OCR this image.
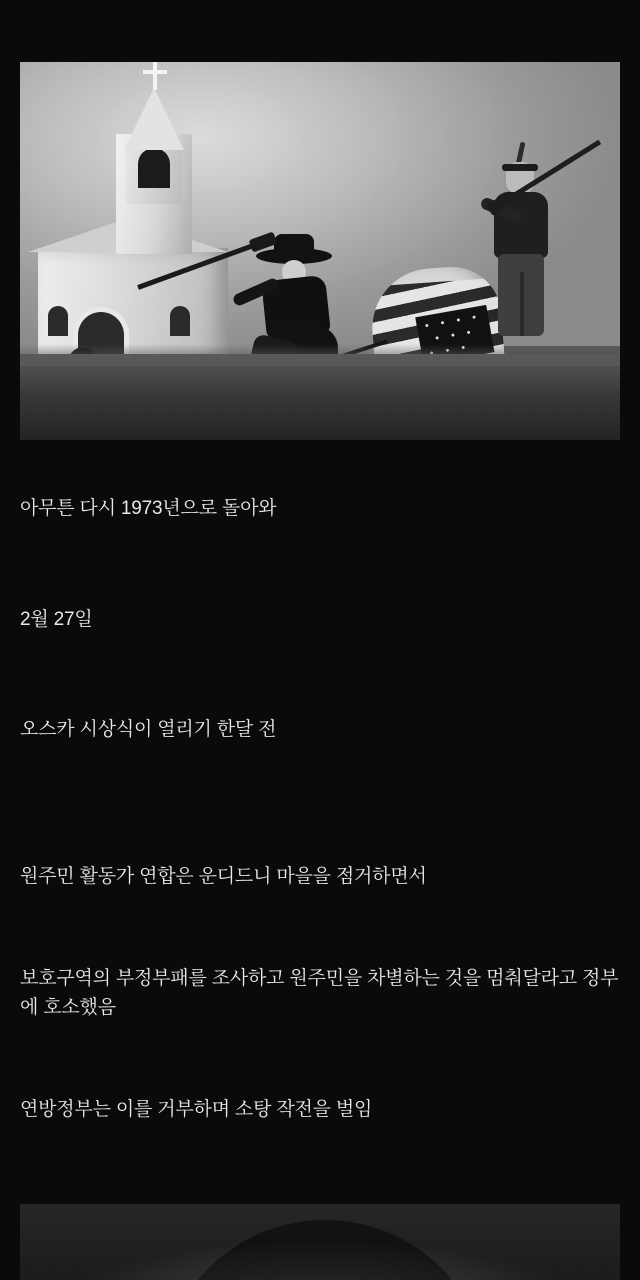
아무튼 다시 1973년으로 돌아와

2월 27일

오스카 시상식이 열리기 한달 전

원주민 활동가 연합은 운디드니 마을을 점거하면서

보호구역의 부정부패를 조사하고 원주민을 차별하는 것을 멈춰달라고 정부에 호소했음

연방정부는 이를 거부하며 소탕 작전을 벌임
